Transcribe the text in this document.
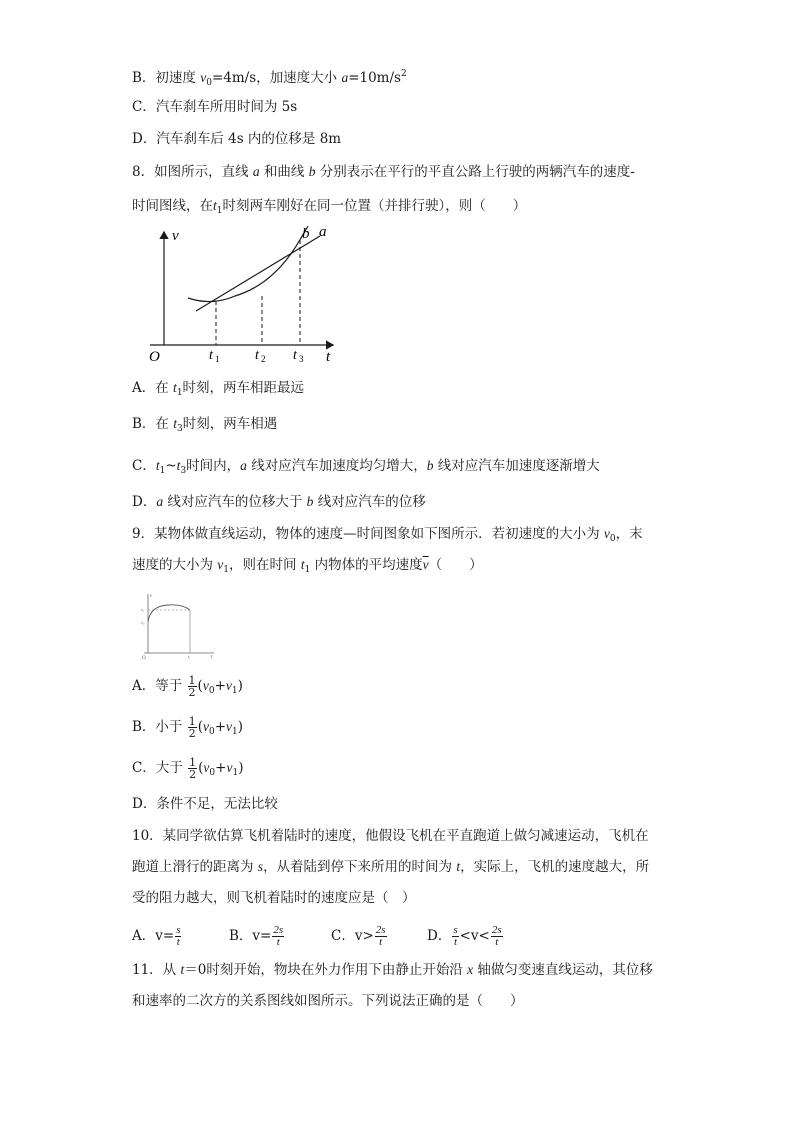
B．初速度 $v_0=4m/s$，加速度大小 $a=10m/s^2$
C．汽车刹车所用时间为 5s
D．汽车刹车后 4s 内的位移是 8m
8．如图所示，直线 a 和曲线 b 分别表示在平行的平直公路上行驶的两辆汽车的速度-
时间图线，在$t_1$时刻两车刚好在同一位置（并排行驶），则（　　）
v
t
O	t 1	t 2 t 3
a
b
A．在 $t_1$时刻，两车相距最远
B．在 $t_3$时刻，两车相遇
C．$t_1\sim t_3$时间内，a 线对应汽车加速度均匀增大，b 线对应汽车加速度逐渐增大
D．a 线对应汽车的位移大于 b 线对应汽车的位移
9．某物体做直线运动，物体的速度—时间图象如下图所示．若初速度的大小为 $v_0$，末
速度的大小为 $v_1$，则在时间 $t_1$ 内物体的平均速度$\overline{v}$（　　）
v
t
O
v₁
v₀
t₁
A．等于 $\frac{1}{2} (v_0+v_1)$
B．小于 $\frac{1}{2} (v_0+v_1)$
C．大于 $\frac{1}{2} (v_0+v_1)$
D．条件不足，无法比较
10．某同学欲估算飞机着陆时的速度，他假设飞机在平直跑道上做匀减速运动，飞机在
跑道上滑行的距离为 s，从着陆到停下来所用的时间为 t，实际上，飞机的速度越大，所
受的阻力越大，则飞机着陆时的速度应是（　）
A．$v= \frac{s}{t}$	B．$v= \frac{2s}{t}$	C．$v> \frac{2s}{t}$	D． $\frac{s}{t} <v< \frac{2s}{t}$
11．从 t＝0时刻开始，物块在外力作用下由静止开始沿 x 轴做匀变速直线运动，其位移
和速率的二次方的关系图线如图所示。下列说法正确的是（　　）
